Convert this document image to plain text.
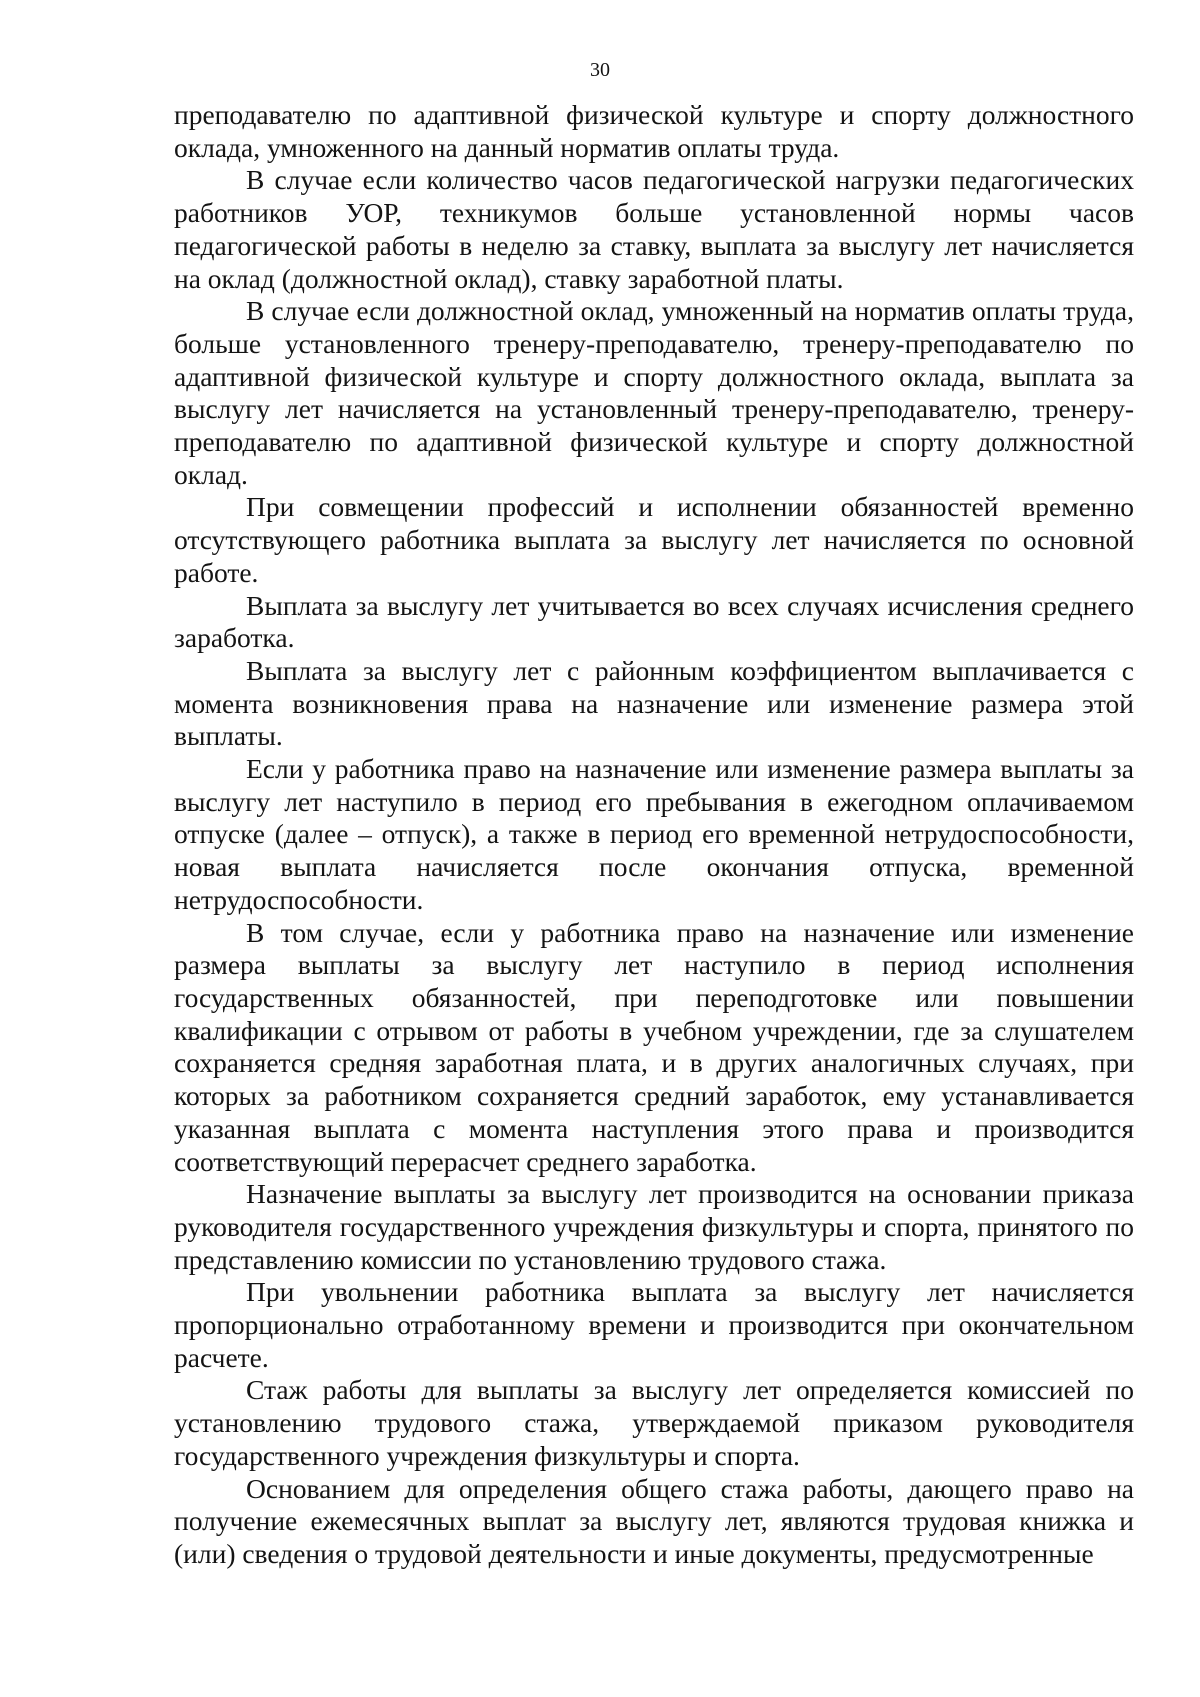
30

преподавателю по адаптивной физической культуре и спорту должностного оклада, умноженного на данный норматив оплаты труда.

В случае если количество часов педагогической нагрузки педагогических работников УОР, техникумов больше установленной нормы часов педагогической работы в неделю за ставку, выплата за выслугу лет начисляется на оклад (должностной оклад), ставку заработной платы.

В случае если должностной оклад, умноженный на норматив оплаты труда, больше установленного тренеру-преподавателю, тренеру-преподавателю по адаптивной физической культуре и спорту должностного оклада, выплата за выслугу лет начисляется на установленный тренеру-преподавателю, тренеру-преподавателю по адаптивной физической культуре и спорту должностной оклад.

При совмещении профессий и исполнении обязанностей временно отсутствующего работника выплата за выслугу лет начисляется по основной работе.

Выплата за выслугу лет учитывается во всех случаях исчисления среднего заработка.

Выплата за выслугу лет с районным коэффициентом выплачивается с момента возникновения права на назначение или изменение размера этой выплаты.

Если у работника право на назначение или изменение размера выплаты за выслугу лет наступило в период его пребывания в ежегодном оплачиваемом отпуске (далее – отпуск), а также в период его временной нетрудоспособности, новая выплата начисляется после окончания отпуска, временной нетрудоспособности.

В том случае, если у работника право на назначение или изменение размера выплаты за выслугу лет наступило в период исполнения государственных обязанностей, при переподготовке или повышении квалификации с отрывом от работы в учебном учреждении, где за слушателем сохраняется средняя заработная плата, и в других аналогичных случаях, при которых за работником сохраняется средний заработок, ему устанавливается указанная выплата с момента наступления этого права и производится соответствующий перерасчет среднего заработка.

Назначение выплаты за выслугу лет производится на основании приказа руководителя государственного учреждения физкультуры и спорта, принятого по представлению комиссии по установлению трудового стажа.

При увольнении работника выплата за выслугу лет начисляется пропорционально отработанному времени и производится при окончательном расчете.

Стаж работы для выплаты за выслугу лет определяется комиссией по установлению трудового стажа, утверждаемой приказом руководителя государственного учреждения физкультуры и спорта.

Основанием для определения общего стажа работы, дающего право на получение ежемесячных выплат за выслугу лет, являются трудовая книжка и (или) сведения о трудовой деятельности и иные документы, предусмотренные
